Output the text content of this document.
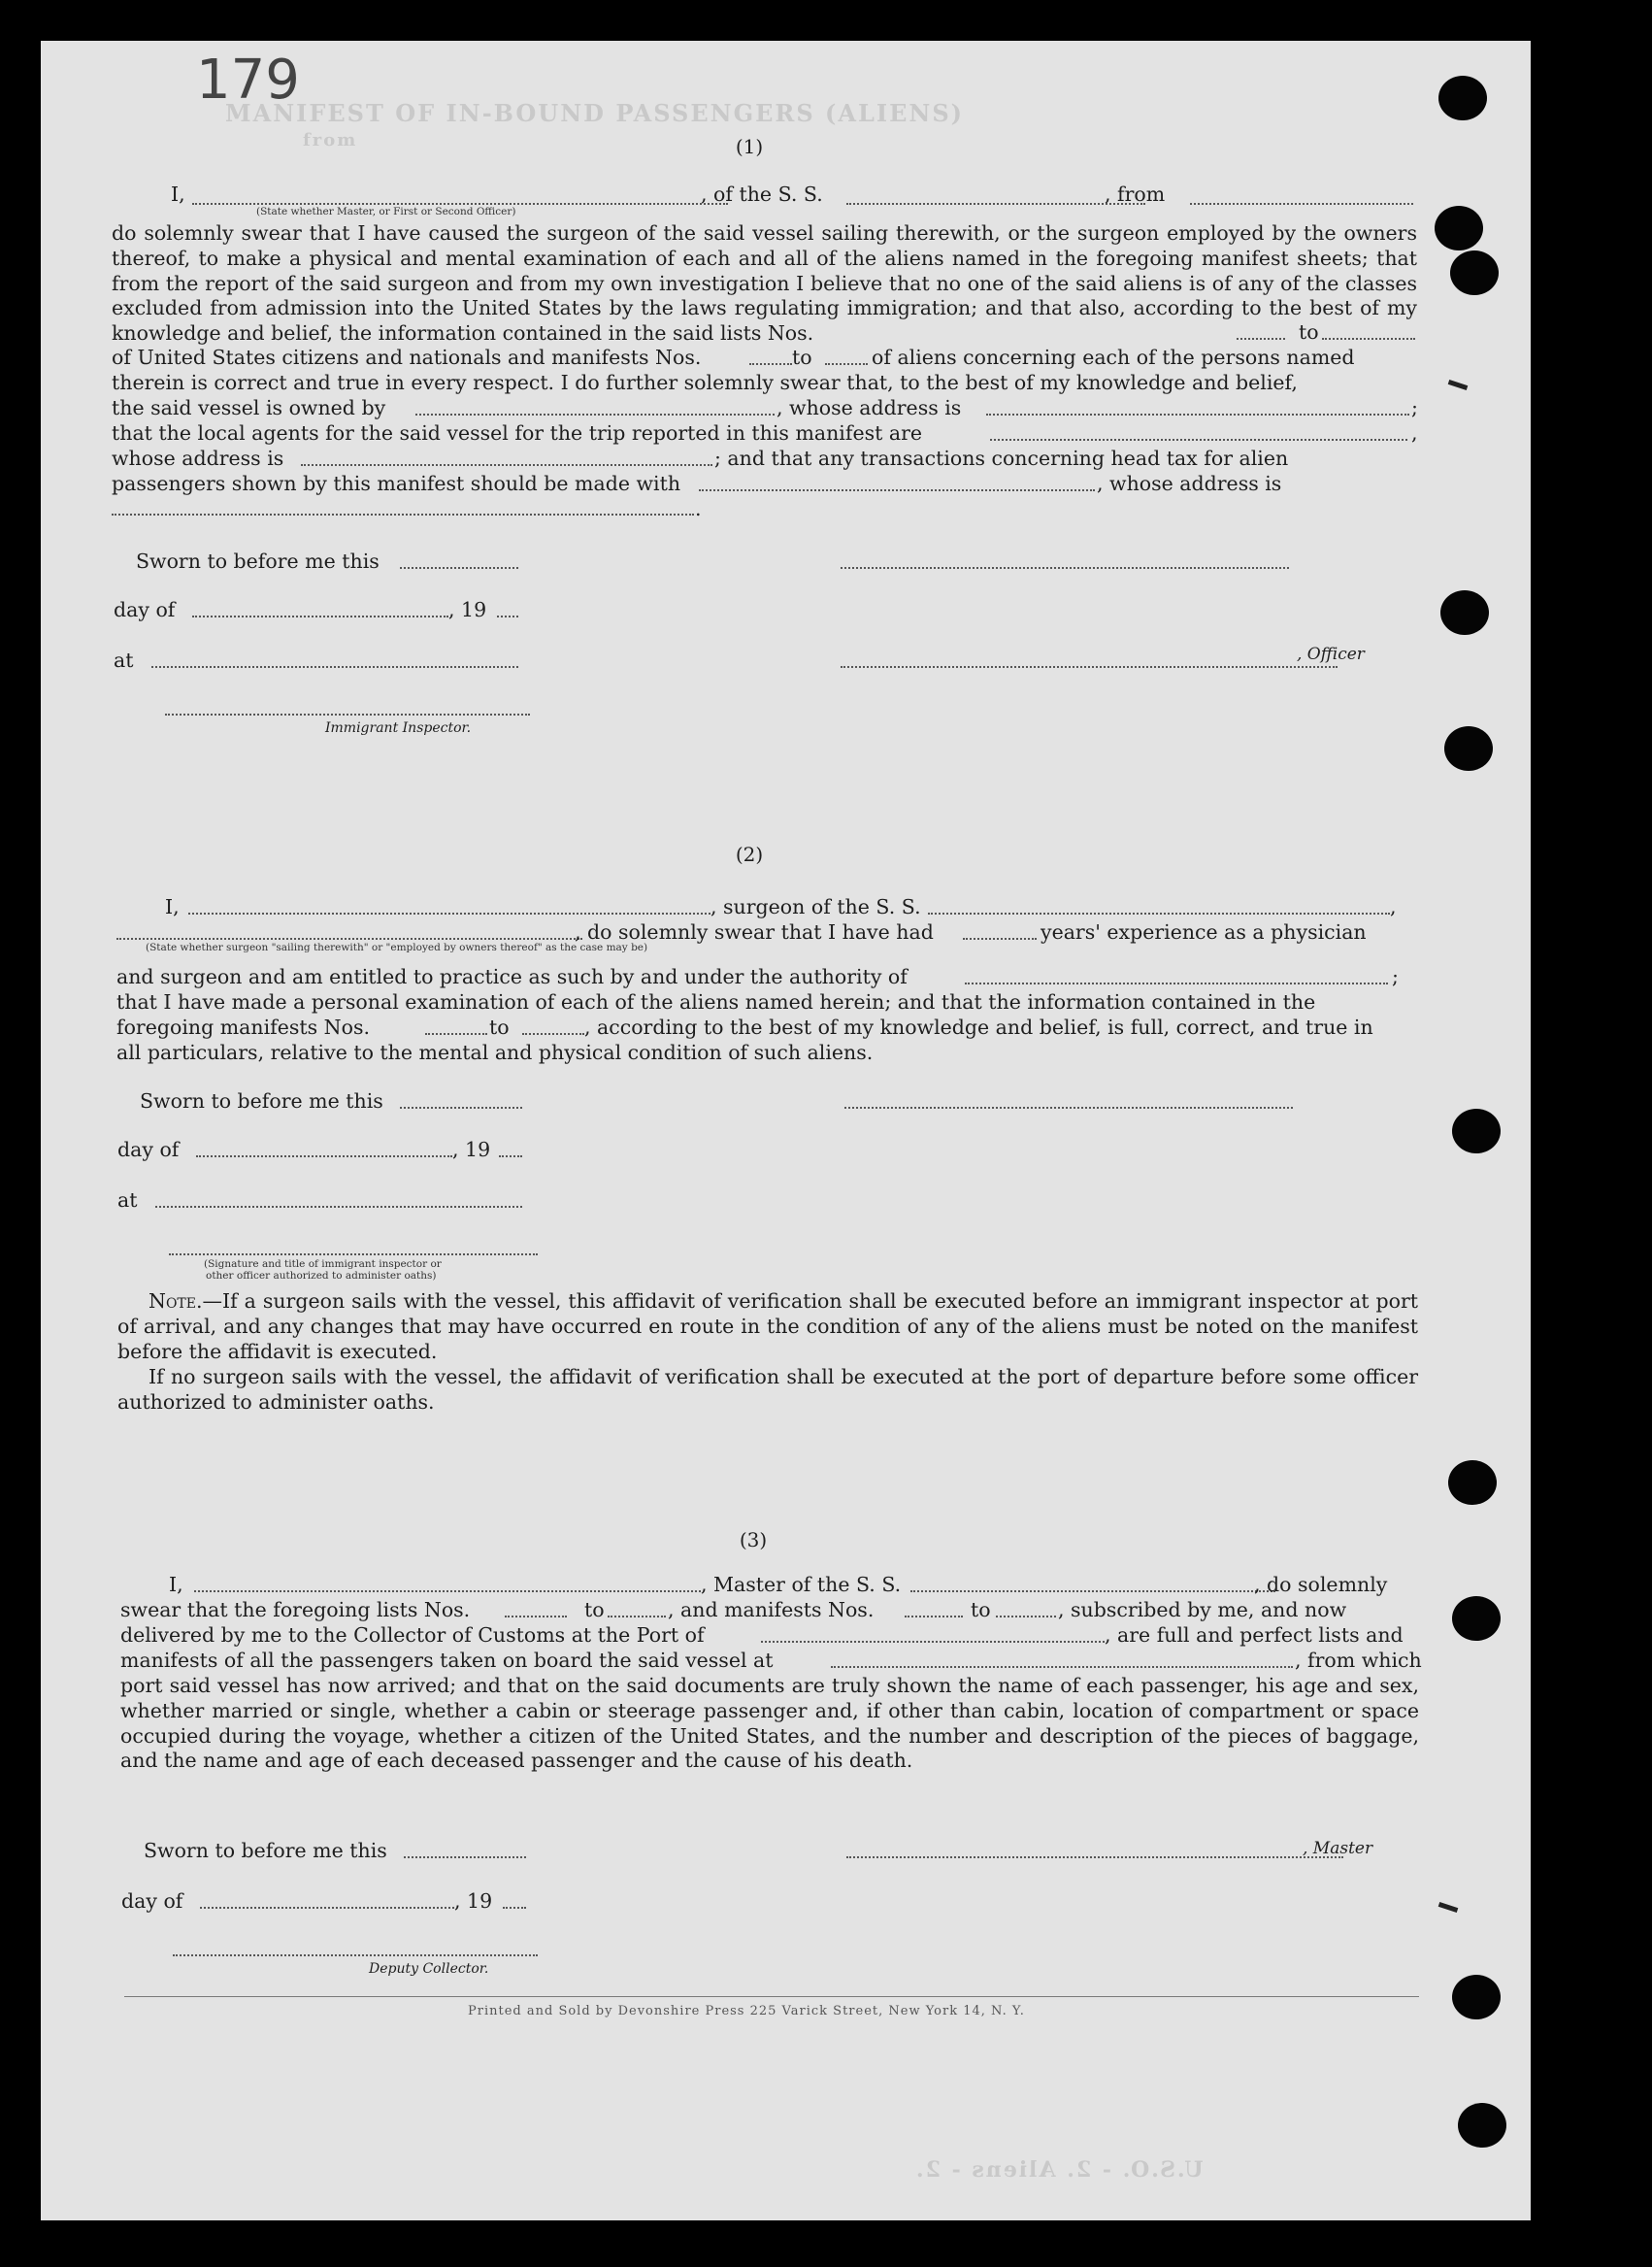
MANIFEST OF IN-BOUND PASSENGERS (ALIENS)
from
U.S.O. - 2. Aliens - 2.
179
(1)
I,	, of the S. S.	, from
(State whether Master, or First or Second Officer)
do solemnly swear that I have caused the surgeon of the said vessel sailing therewith, or the surgeon employed by the owners thereof, to make a physical and mental examination of each and all of the aliens named in the foregoing manifest sheets; that from the report of the said surgeon and from my own investigation I believe that no one of the said aliens is of any of the classes excluded from admission into the United States by the laws regulating immigration; and that also, according to the best of my knowledge and belief, the information contained in the said lists Nos.	to
of United States citizens and nationals and manifests Nos.	to	of aliens concerning each of the persons named
therein is correct and true in every respect. I do further solemnly swear that, to the best of my knowledge and belief,
the said vessel is owned by	, whose address is	;
that the local agents for the said vessel for the trip reported in this manifest are	,
whose address is	; and that any transactions concerning head tax for alien
passengers shown by this manifest should be made with	, whose address is
.
Sworn to before me this
day of	, 19
at	, Officer
Immigrant Inspector.
(2)
I,	, surgeon of the S. S.	,
, do solemnly swear that I have had	years' experience as a physician
(State whether surgeon "sailing therewith" or "employed by owners thereof" as the case may be)
and surgeon and am entitled to practice as such by and under the authority of	;
that I have made a personal examination of each of the aliens named herein; and that the information contained in the
foregoing manifests Nos.	to	, according to the best of my knowledge and belief, is full, correct, and true in
all particulars, relative to the mental and physical condition of such aliens.
Sworn to before me this
day of	, 19
at
(Signature and title of immigrant inspector or
other officer authorized to administer oaths)
Note.—If a surgeon sails with the vessel, this affidavit of verification shall be executed before an immigrant inspector at port of arrival, and any changes that may have occurred en route in the condition of any of the aliens must be noted on the manifest before the affidavit is executed.
If no surgeon sails with the vessel, the affidavit of verification shall be executed at the port of departure before some officer authorized to administer oaths.
(3)
I,	, Master of the S. S.	, do solemnly
swear that the foregoing lists Nos.	to	, and manifests Nos.	to	, subscribed by me, and now
delivered by me to the Collector of Customs at the Port of	, are full and perfect lists and
manifests of all the passengers taken on board the said vessel at	, from which
port said vessel has now arrived; and that on the said documents are truly shown the name of each passenger, his age and sex, whether married or single, whether a cabin or steerage passenger and, if other than cabin, location of compartment or space occupied during the voyage, whether a citizen of the United States, and the number and description of the pieces of baggage, and the name and age of each deceased passenger and the cause of his death.
Sworn to before me this	, Master
day of	, 19
Deputy Collector.
Printed and Sold by Devonshire Press 225 Varick Street, New York 14, N. Y.
